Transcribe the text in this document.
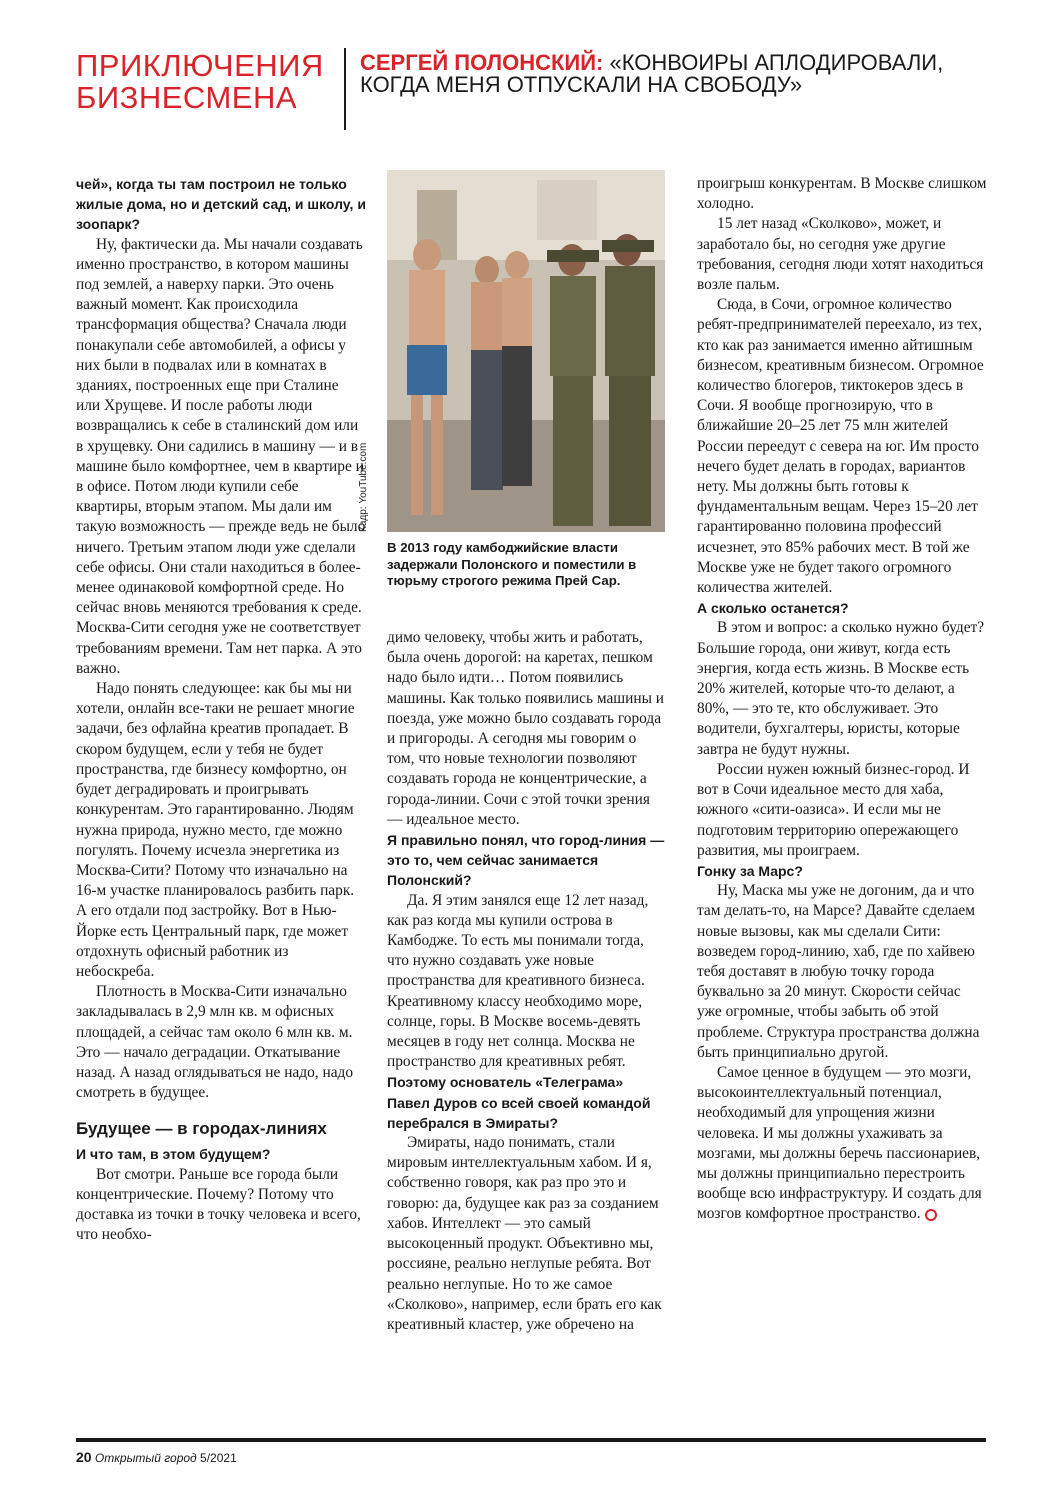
ПРИКЛЮЧЕНИЯ
БИЗНЕСМЕНА
СЕРГЕЙ ПОЛОНСКИЙ: «КОНВОИРЫ АПЛОДИРОВАЛИ, КОГДА МЕНЯ ОТПУСКАЛИ НА СВОБОДУ»

чей», когда ты там построил не только жилые дома, но и детский сад, и школу, и зоопарк?

Ну, фактически да. Мы начали создавать именно пространство, в котором машины под землей, а наверху парки. Это очень важный момент. Как происходила трансформация общества? Сначала люди понакупали себе автомобилей, а офисы у них были в подвалах или в комнатах в зданиях, построенных еще при Сталине или Хрущеве. И после работы люди возвращались к себе в сталинский дом или в хрущевку. Они садились в машину — и в машине было комфортнее, чем в квартире и в офисе. Потом люди купили себе квартиры, вторым этапом. Мы дали им такую возможность — прежде ведь не было ничего. Третьим этапом люди уже сделали себе офисы. Они стали находиться в более-менее одинаковой комфортной среде. Но сейчас вновь меняются требования к среде. Москва-Сити сегодня уже не соответствует требованиям времени. Там нет парка. А это важно.

Надо понять следующее: как бы мы ни хотели, онлайн все-таки не решает многие задачи, без офлайна креатив пропадает. В скором будущем, если у тебя не будет пространства, где бизнесу комфортно, он будет деградировать и проигрывать конкурентам. Это гарантированно. Людям нужна природа, нужно место, где можно погулять. Почему исчезла энергетика из Москва-Сити? Потому что изначально на 16-м участке планировалось разбить парк. А его отдали под застройку. Вот в Нью-Йорке есть Центральный парк, где может отдохнуть офисный работник из небоскреба.

Плотность в Москва-Сити изначально закладывалась в 2,9 млн кв. м офисных площадей, а сейчас там около 6 млн кв. м. Это — начало деградации. Откатывание назад. А назад оглядываться не надо, надо смотреть в будущее.

Будущее — в городах-линиях

И что там, в этом будущем?

Вот смотри. Раньше все города были концентрические. Почему? Потому что доставка из точки в точку человека и всего, что необхо-

Кадр: YouTube.com
В 2013 году камбоджийские власти задержали Полонского и поместили в тюрьму строгого режима Прей Сар.

димо человеку, чтобы жить и работать, была очень дорогой: на каретах, пешком надо было идти… Потом появились машины. Как только появились машины и поезда, уже можно было создавать города и пригороды. А сегодня мы говорим о том, что новые технологии позволяют создавать города не концентрические, а города-линии. Сочи с этой точки зрения — идеальное место.

Я правильно понял, что город-линия — это то, чем сейчас занимается Полонский?

Да. Я этим занялся еще 12 лет назад, как раз когда мы купили острова в Камбодже. То есть мы понимали тогда, что нужно создавать уже новые пространства для креативного бизнеса. Креативному классу необходимо море, солнце, горы. В Москве восемь-девять месяцев в году нет солнца. Москва не пространство для креативных ребят.

Поэтому основатель «Телеграма» Павел Дуров со всей своей командой перебрался в Эмираты?

Эмираты, надо понимать, стали мировым интеллектуальным хабом. И я, собственно говоря, как раз про это и говорю: да, будущее как раз за созданием хабов. Интеллект — это самый высокоценный продукт. Объективно мы, россияне, реально неглупые ребята. Вот реально неглупые. Но то же самое «Сколково», например, если брать его как креативный кластер, уже обречено на

проигрыш конкурентам. В Москве слишком холодно.

15 лет назад «Сколково», может, и заработало бы, но сегодня уже другие требования, сегодня люди хотят находиться возле пальм.

Сюда, в Сочи, огромное количество ребят-предпринимателей переехало, из тех, кто как раз занимается именно айтишным бизнесом, креативным бизнесом. Огромное количество блогеров, тиктокеров здесь в Сочи. Я вообще прогнозирую, что в ближайшие 20–25 лет 75 млн жителей России переедут с севера на юг. Им просто нечего будет делать в городах, вариантов нету. Мы должны быть готовы к фундаментальным вещам. Через 15–20 лет гарантированно половина профессий исчезнет, это 85% рабочих мест. В той же Москве уже не будет такого огромного количества жителей.

А сколько останется?

В этом и вопрос: а сколько нужно будет? Большие города, они живут, когда есть энергия, когда есть жизнь. В Москве есть 20% жителей, которые что-то делают, а 80%, — это те, кто обслуживает. Это водители, бухгалтеры, юристы, которые завтра не будут нужны.

России нужен южный бизнес-город. И вот в Сочи идеальное место для хаба, южного «сити-оазиса». И если мы не подготовим территорию опережающего развития, мы проиграем.

Гонку за Марс?

Ну, Маска мы уже не догоним, да и что там делать-то, на Марсе? Давайте сделаем новые вызовы, как мы сделали Сити: возведем город-линию, хаб, где по хайвею тебя доставят в любую точку города буквально за 20 минут. Скорости сейчас уже огромные, чтобы забыть об этой проблеме. Структура пространства должна быть принципиально другой.

Самое ценное в будущем — это мозги, высокоинтеллектуальный потенциал, необходимый для упрощения жизни человека. И мы должны ухаживать за мозгами, мы должны беречь пассионариев, мы должны принципиально перестроить вообще всю инфраструктуру. И создать для мозгов комфортное пространство.

20 Открытый город 5/2021
